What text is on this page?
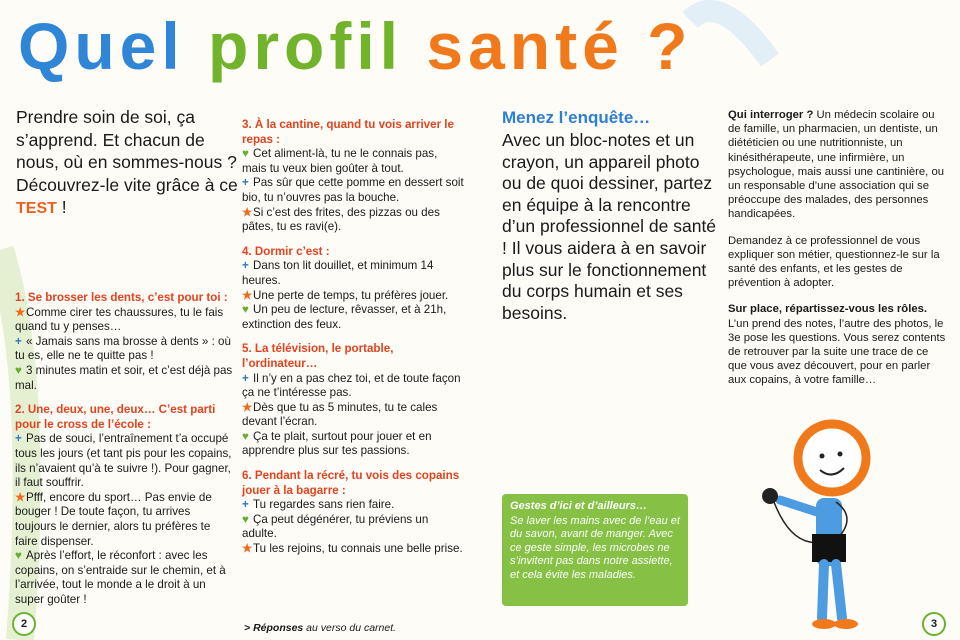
Quel profil santé ?
Prendre soin de soi, ça s’apprend. Et chacun de nous, où en sommes-nous ? Découvrez-le vite grâce à ce TEST !
1. Se brosser les dents, c’est pour toi :
★Comme cirer tes chaussures, tu le fais quand tu y penses…
+ « Jamais sans ma brosse à dents » : où tu es, elle ne te quitte pas !
♥ 3 minutes matin et soir, et c’est déjà pas mal.
2. Une, deux, une, deux… C’est parti pour le cross de l’école :
+ Pas de souci, l’entraînement t’a occupé tous les jours (et tant pis pour les copains, ils n’avaient qu’à te suivre !). Pour gagner, il faut souffrir.
★Pfff, encore du sport… Pas envie de bouger ! De toute façon, tu arrives toujours le dernier, alors tu préfères te faire dispenser.
♥ Après l’effort, le réconfort : avec les copains, on s’entraide sur le chemin, et à l’arrivée, tout le monde a le droit à un super goûter !
3. À la cantine, quand tu vois arriver le repas :
♥ Cet aliment-là, tu ne le connais pas, mais tu veux bien goûter à tout.
+ Pas sûr que cette pomme en dessert soit bio, tu n’ouvres pas la bouche.
★Si c’est des frites, des pizzas ou des pâtes, tu es ravi(e).
4. Dormir c’est :
+ Dans ton lit douillet, et minimum 14 heures.
★Une perte de temps, tu préfères jouer.
♥ Un peu de lecture, rêvasser, et à 21h, extinction des feux.
5. La télévision, le portable, l’ordinateur…
+ Il n’y en a pas chez toi, et de toute façon ça ne t’intéresse pas.
★Dès que tu as 5 minutes, tu te cales devant l’écran.
♥ Ça te plait, surtout pour jouer et en apprendre plus sur tes passions.
6. Pendant la récré, tu vois des copains jouer à la bagarre :
+ Tu regardes sans rien faire.
♥ Ça peut dégénérer, tu préviens un adulte.
★Tu les rejoins, tu connais une belle prise.
Menez l’enquête…
Avec un bloc-notes et un crayon, un appareil photo ou de quoi dessiner, partez en équipe à la rencontre d’un professionnel de santé ! Il vous aidera à en savoir plus sur le fonctionnement du corps humain et ses besoins.
Qui interroger ? Un médecin scolaire ou de famille, un pharmacien, un dentiste, un diététicien ou une nutritionniste, un kinésithérapeute, une infirmière, un psychologue, mais aussi une cantinière, ou un responsable d’une association qui se préoccupe des malades, des personnes handicapées.
Demandez à ce professionnel de vous expliquer son métier, questionnez-le sur la santé des enfants, et les gestes de prévention à adopter.
Sur place, répartissez-vous les rôles. L’un prend des notes, l’autre des photos, le 3e pose les questions. Vous serez contents de retrouver par la suite une trace de ce que vous avez découvert, pour en parler aux copains, à votre famille…
Gestes d’ici et d’ailleurs…
Se laver les mains avec de l’eau et du savon, avant de manger. Avec ce geste simple, les microbes ne s’invitent pas dans notre assiette, et cela évite les maladies.
2	3
> Réponses au verso du carnet.
